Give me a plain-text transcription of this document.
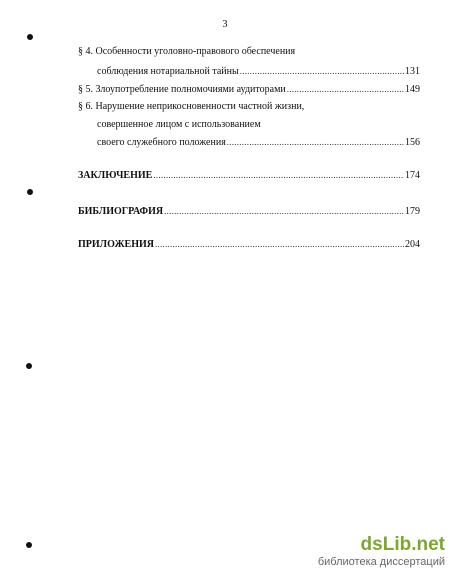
3
§ 4. Особенности уголовно-правового обеспечения
соблюдения нотариальной тайны . . .	131
§ 5. Злоупотребление полномочиями аудиторами . . .	149
§ 6. Нарушение неприкосновенности частной жизни,
совершенное лицом с использованием
своего служебного положения . . .	156
ЗАКЛЮЧЕНИЕ . . .	174
БИБЛИОГРАФИЯ . . .	179
ПРИЛОЖЕНИЯ . . .	204
dsLib.net
библиотека диссертаций
